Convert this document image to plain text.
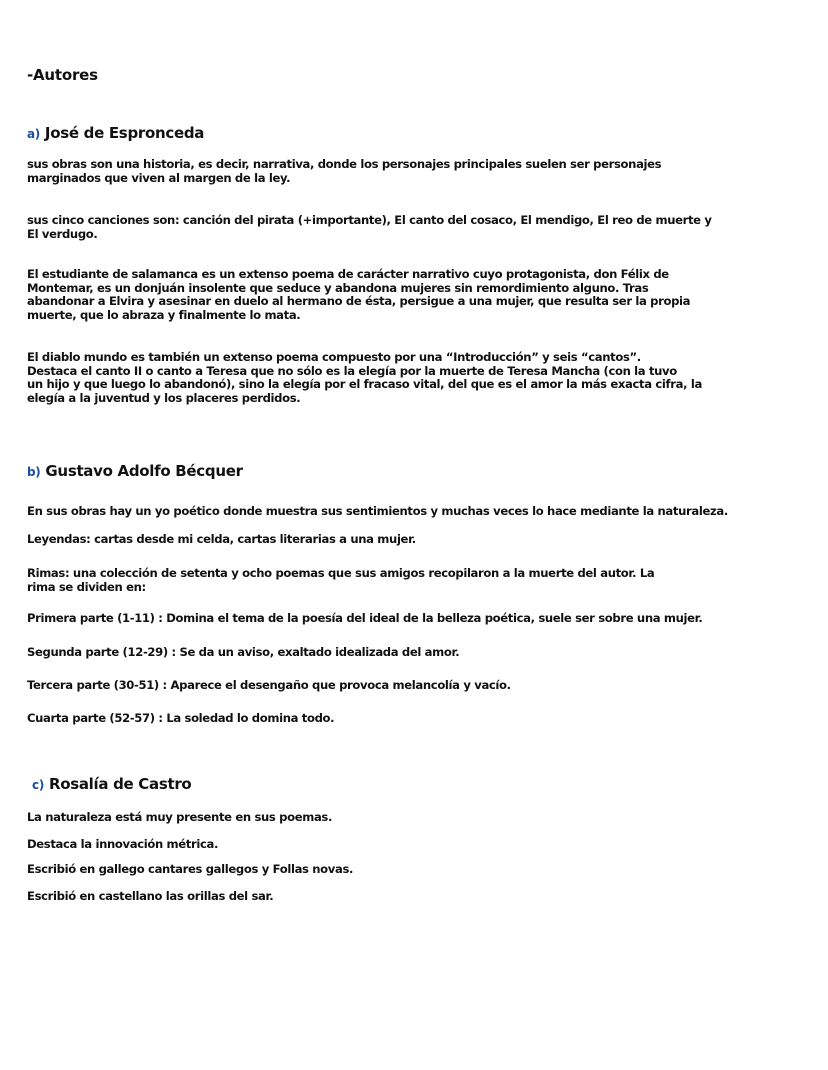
-Autores
a) José de Espronceda

sus obras son una historia, es decir, narrativa, donde los personajes principales suelen ser personajes
marginados que viven al margen de la ley.

sus cinco canciones son: canción del pirata (+importante), El canto del cosaco, El mendigo, El reo de muerte y
El verdugo.

El estudiante de salamanca es un extenso poema de carácter narrativo cuyo protagonista, don Félix de
Montemar, es un donjuán insolente que seduce y abandona mujeres sin remordimiento alguno. Tras
abandonar a Elvira y asesinar en duelo al hermano de ésta, persigue a una mujer, que resulta ser la propia
muerte, que lo abraza y finalmente lo mata.

El diablo mundo es también un extenso poema compuesto por una “Introducción” y seis “cantos”.
Destaca el canto II o canto a Teresa que no sólo es la elegía por la muerte de Teresa Mancha (con la tuvo
un hijo y que luego lo abandonó), sino la elegía por el fracaso vital, del que es el amor la más exacta cifra, la
elegía a la juventud y los placeres perdidos.

b) Gustavo Adolfo Bécquer

En sus obras hay un yo poético donde muestra sus sentimientos y muchas veces lo hace mediante la naturaleza.

Leyendas: cartas desde mi celda, cartas literarias a una mujer.

Rimas: una colección de setenta y ocho poemas que sus amigos recopilaron a la muerte del autor. La
rima se dividen en:

Primera parte (1-11) : Domina el tema de la poesía del ideal de la belleza poética, suele ser sobre una mujer.

Segunda parte (12-29) : Se da un aviso, exaltado idealizada del amor.

Tercera parte (30-51) : Aparece el desengaño que provoca melancolía y vacío.

Cuarta parte (52-57) : La soledad lo domina todo.

c) Rosalía de Castro

La naturaleza está muy presente en sus poemas.

Destaca la innovación métrica.

Escribió en gallego cantares gallegos y Follas novas.

Escribió en castellano las orillas del sar.
